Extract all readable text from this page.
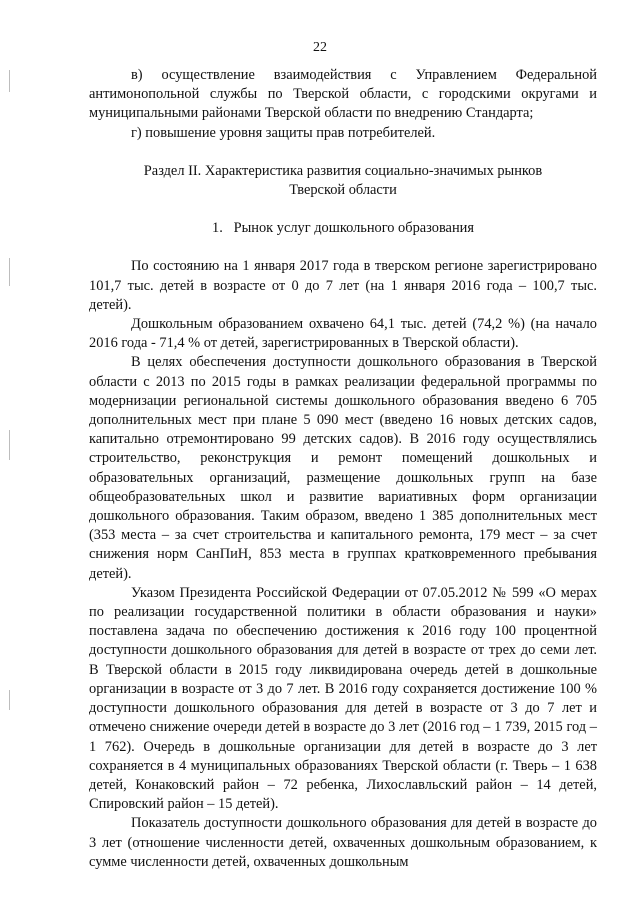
22

в) осуществление взаимодействия с Управлением Федеральной антимонопольной службы по Тверской области, с городскими округами и муниципальными районами Тверской области по внедрению Стандарта;

г) повышение уровня защиты прав потребителей.

Раздел II. Характеристика развития социально-значимых рынков Тверской области

1.   Рынок услуг дошкольного образования

По состоянию на 1 января 2017 года в тверском регионе зарегистрировано 101,7 тыс. детей в возрасте от 0 до 7 лет (на 1 января 2016 года – 100,7 тыс. детей).

Дошкольным образованием охвачено 64,1 тыс. детей (74,2 %) (на начало 2016 года - 71,4 % от детей, зарегистрированных в Тверской области).

В целях обеспечения доступности дошкольного образования в Тверской области с 2013 по 2015 годы в рамках реализации федеральной программы по модернизации региональной системы дошкольного образования введено 6 705 дополнительных мест при плане 5 090 мест (введено 16 новых детских садов, капитально отремонтировано 99 детских садов). В 2016 году осуществлялись строительство, реконструкция и ремонт помещений дошкольных и образовательных организаций, размещение дошкольных групп на базе общеобразовательных школ и развитие вариативных форм организации дошкольного образования. Таким образом, введено 1 385 дополнительных мест (353 места – за счет строительства и капитального ремонта, 179 мест – за счет снижения норм СанПиН, 853 места в группах кратковременного пребывания детей).

Указом Президента Российской Федерации от 07.05.2012 № 599 «О мерах по реализации государственной политики в области образования и науки» поставлена задача по обеспечению достижения к 2016 году 100 процентной доступности дошкольного образования для детей в возрасте от трех до семи лет. В Тверской области в 2015 году ликвидирована очередь детей в дошкольные организации в возрасте от 3 до 7 лет. В 2016 году сохраняется достижение 100 % доступности дошкольного образования для детей в возрасте от 3 до 7 лет и отмечено снижение очереди детей в возрасте до 3 лет (2016 год – 1 739, 2015 год – 1 762). Очередь в дошкольные организации для детей в возрасте до 3 лет сохраняется в 4 муниципальных образованиях Тверской области (г. Тверь – 1 638 детей, Конаковский район – 72 ребенка, Лихославльский район – 14 детей, Спировский район – 15 детей).

Показатель доступности дошкольного образования для детей в возрасте до 3 лет (отношение численности детей, охваченных дошкольным образованием, к сумме численности детей, охваченных дошкольным
